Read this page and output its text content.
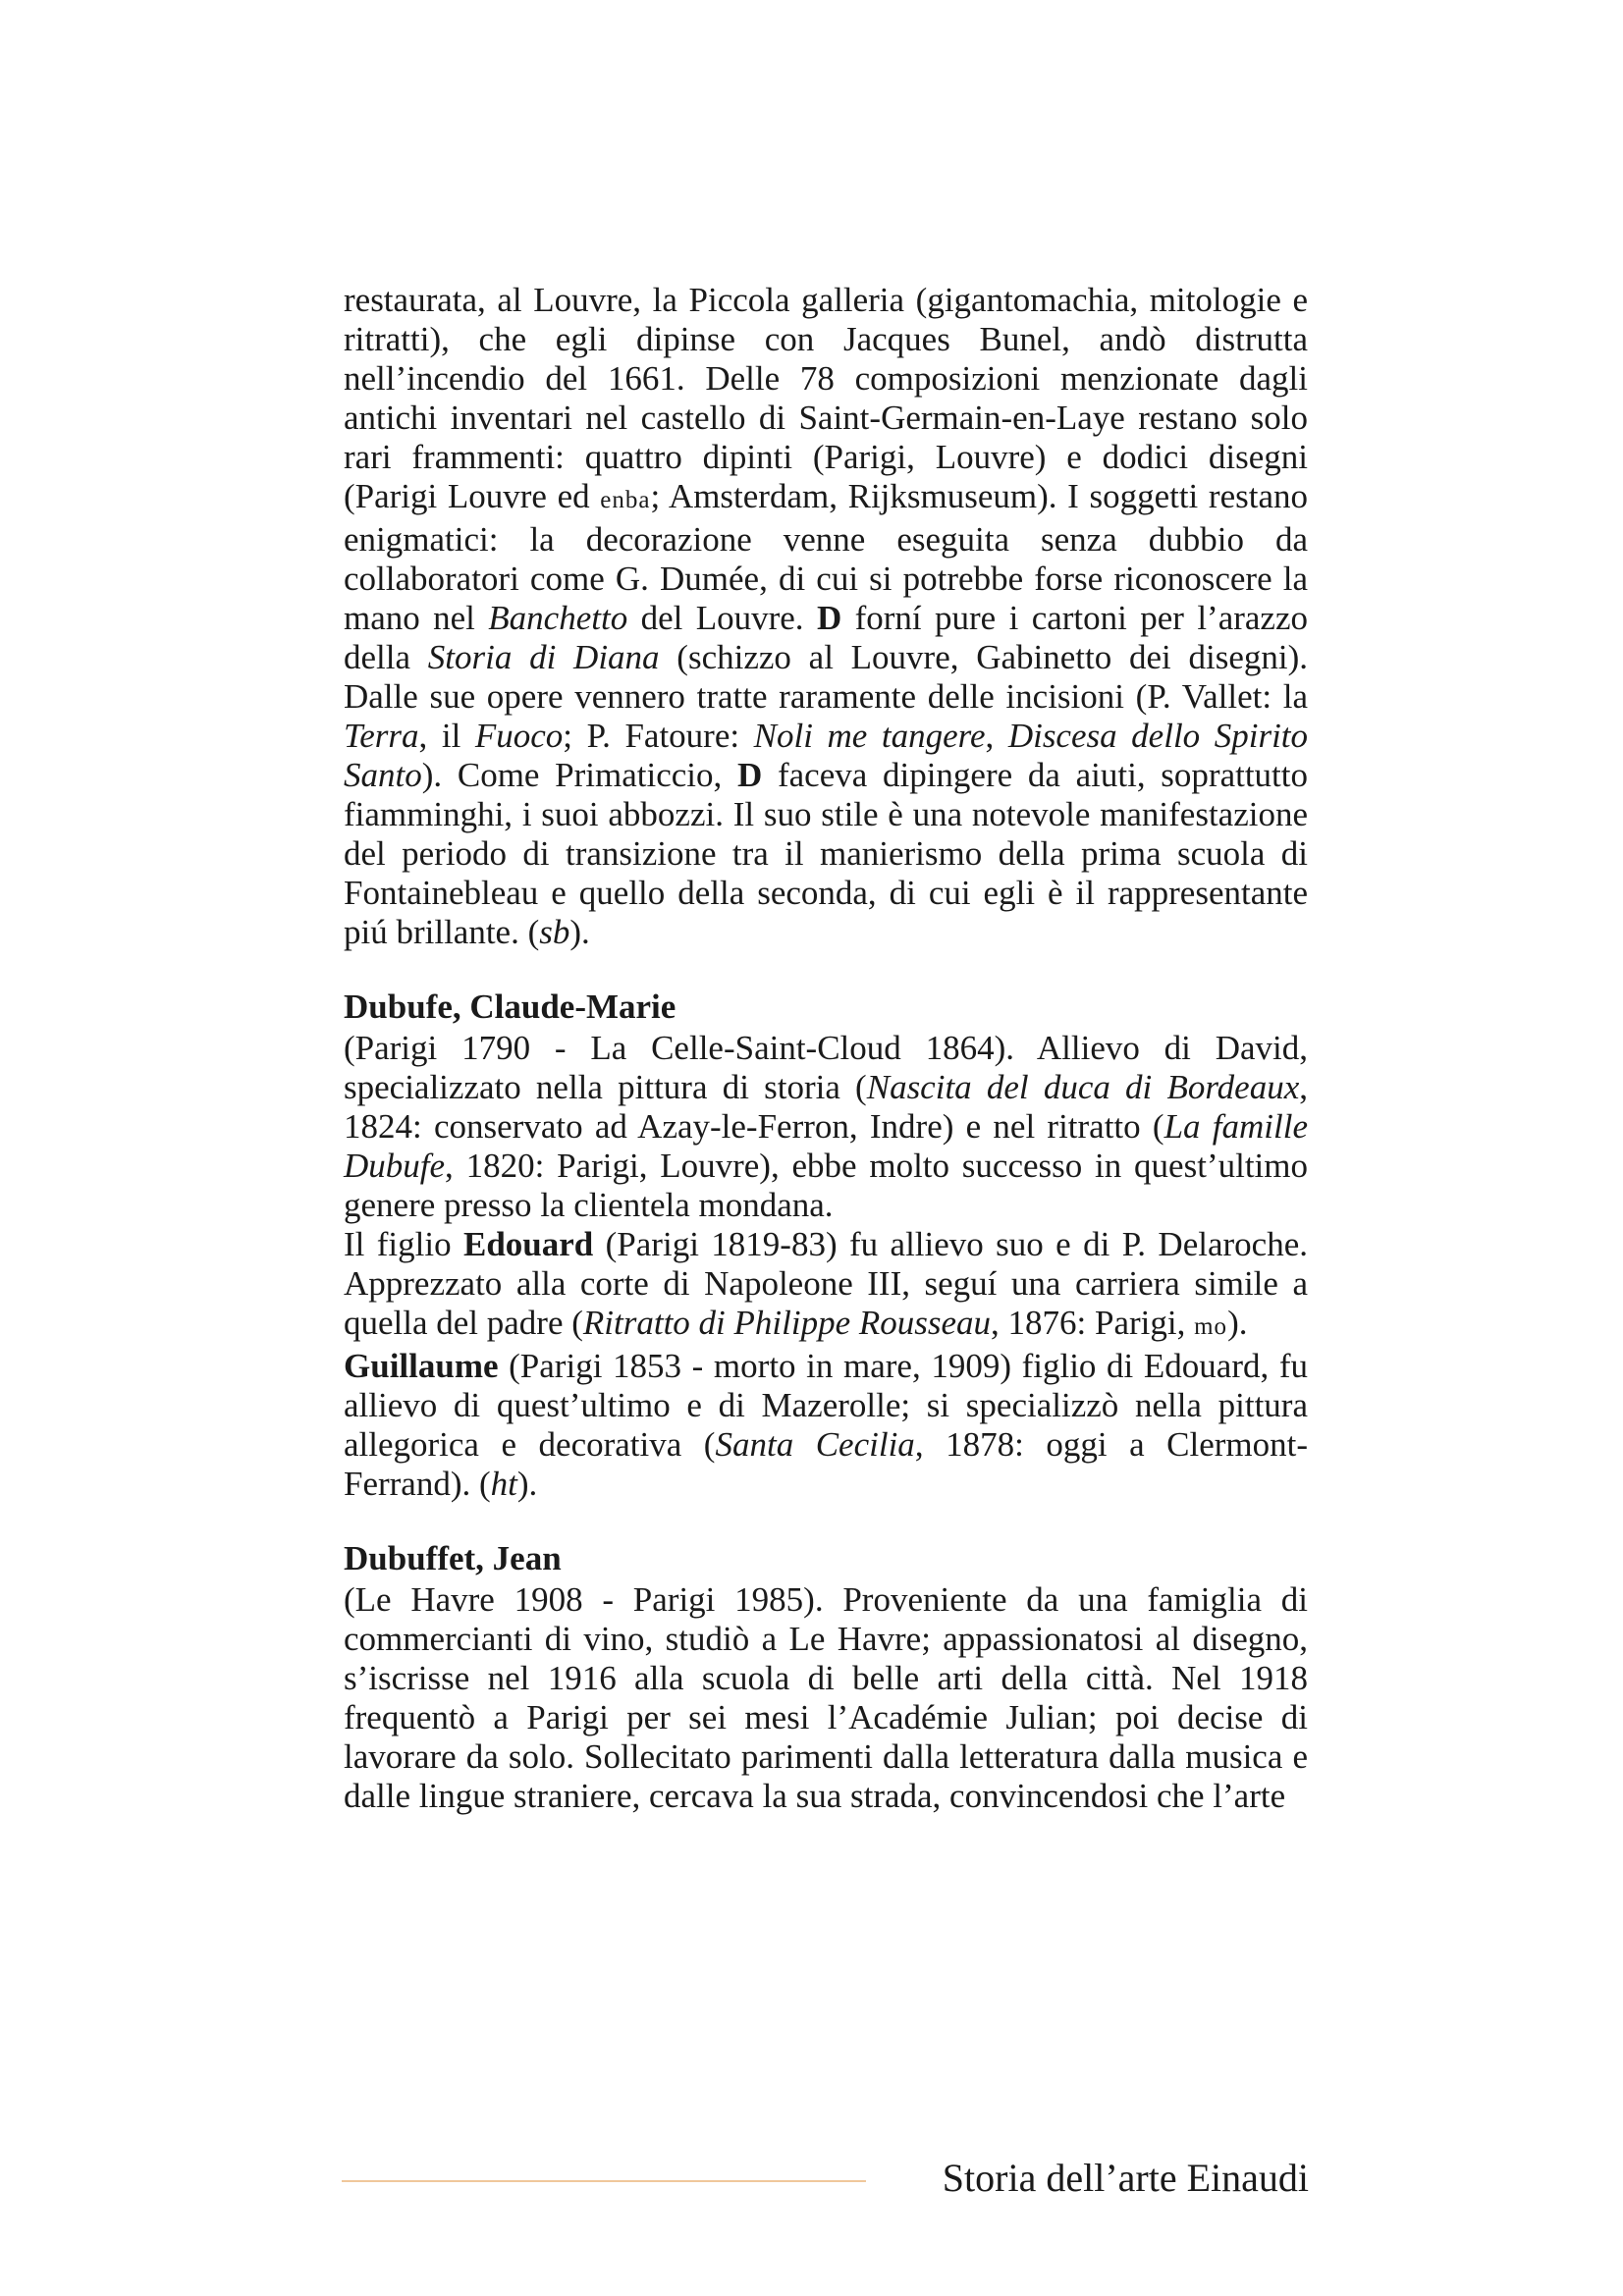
restaurata, al Louvre, la Piccola galleria (gigantomachia, mitologie e ritratti), che egli dipinse con Jacques Bunel, andò distrutta nell’incendio del 1661. Delle 78 composizioni menzionate dagli antichi inventari nel castello di Saint-Germain-en-Laye restano solo rari frammenti: quattro dipinti (Parigi, Louvre) e dodici disegni (Parigi Louvre ed enba; Amsterdam, Rijksmuseum). I soggetti restano enigmatici: la decorazione venne eseguita senza dubbio da collaboratori come G. Dumée, di cui si potrebbe forse riconoscere la mano nel Banchetto del Louvre. D forní pure i cartoni per l’arazzo della Storia di Diana (schizzo al Louvre, Gabinetto dei disegni). Dalle sue opere vennero tratte raramente delle incisioni (P. Vallet: la Terra, il Fuoco; P. Fatoure: Noli me tangere, Discesa dello Spirito Santo). Come Primaticcio, D faceva dipingere da aiuti, soprattutto fiamminghi, i suoi abbozzi. Il suo stile è una notevole manifestazione del periodo di transizione tra il manierismo della prima scuola di Fontainebleau e quello della seconda, di cui egli è il rappresentante piú brillante. (sb).

Dubufe, Claude-Marie

(Parigi 1790 - La Celle-Saint-Cloud 1864). Allievo di David, specializzato nella pittura di storia (Nascita del duca di Bordeaux, 1824: conservato ad Azay-le-Ferron, Indre) e nel ritratto (La famille Dubufe, 1820: Parigi, Louvre), ebbe molto successo in quest’ultimo genere presso la clientela mondana.

Il figlio Edouard (Parigi 1819-83) fu allievo suo e di P. Delaroche. Apprezzato alla corte di Napoleone III, seguí una carriera simile a quella del padre (Ritratto di Philippe Rousseau, 1876: Parigi, mo).

Guillaume (Parigi 1853 - morto in mare, 1909) figlio di Edouard, fu allievo di quest’ultimo e di Mazerolle; si specializzò nella pittura allegorica e decorativa (Santa Cecilia, 1878: oggi a Clermont-Ferrand). (ht).

Dubuffet, Jean

(Le Havre 1908 - Parigi 1985). Proveniente da una famiglia di commercianti di vino, studiò a Le Havre; appassionatosi al disegno, s’iscrisse nel 1916 alla scuola di belle arti della città. Nel 1918 frequentò a Parigi per sei mesi l’Académie Julian; poi decise di lavorare da solo. Sollecitato parimenti dalla letteratura dalla musica e dalle lingue straniere, cercava la sua strada, convincendosi che l’arte

Storia dell’arte Einaudi
